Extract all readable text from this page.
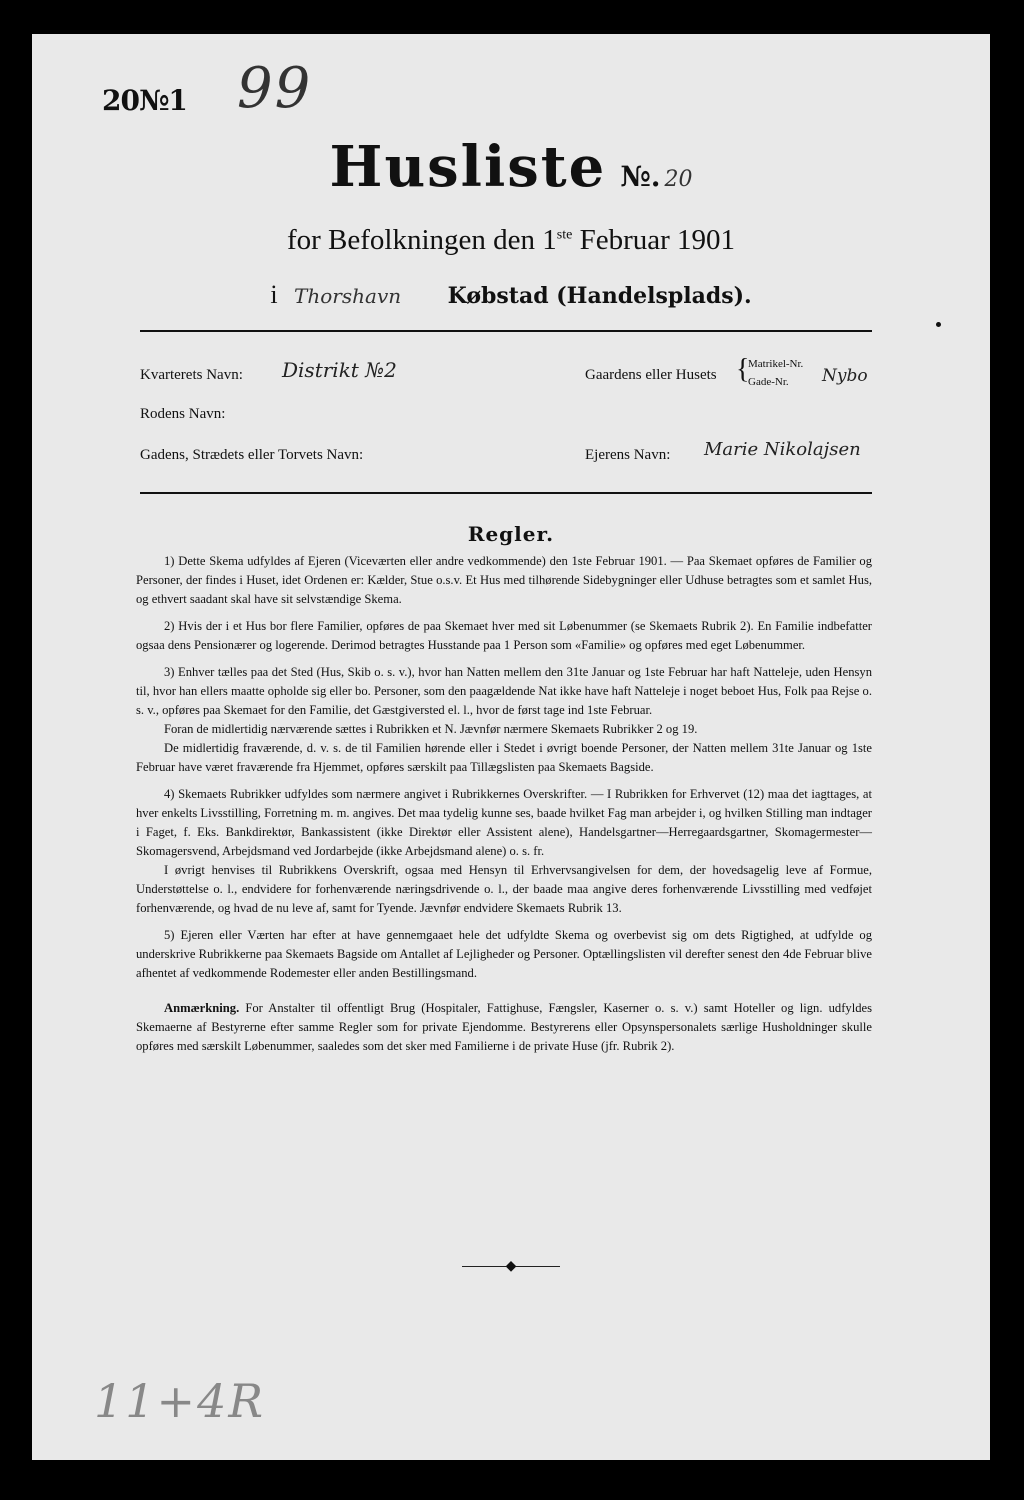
20№1 99
Husliste №. 20
for Befolkningen den 1ste Februar 1901
i Thorshavn Købstad (Handelsplads).
Kvarterets Navn: Distrikt №2	Gaardens eller Husets {
Matrikel-Nr.
Gade-Nr. Nybo
Rodens Navn:
Gadens, Strædets eller Torvets Navn:	Ejerens Navn: Marie Nikolajsen
Regler.

1) Dette Skema udfyldes af Ejeren (Viceværten eller andre vedkommende) den 1ste Februar 1901. — Paa Skemaet opføres de Familier og Personer, der findes i Huset, idet Ordenen er: Kælder, Stue o.s.v. Et Hus med tilhørende Sidebygninger eller Udhuse betragtes som et samlet Hus, og ethvert saadant skal have sit selvstændige Skema.

2) Hvis der i et Hus bor flere Familier, opføres de paa Skemaet hver med sit Løbenummer (se Skemaets Rubrik 2). En Familie indbefatter ogsaa dens Pensionærer og logerende. Derimod betragtes Husstande paa 1 Person som «Familie» og opføres med eget Løbenummer.

3) Enhver tælles paa det Sted (Hus, Skib o. s. v.), hvor han Natten mellem den 31te Januar og 1ste Februar har haft Natteleje, uden Hensyn til, hvor han ellers maatte opholde sig eller bo. Personer, som den paagældende Nat ikke have haft Natteleje i noget beboet Hus, Folk paa Rejse o. s. v., opføres paa Skemaet for den Familie, det Gæstgiversted el. l., hvor de først tage ind 1ste Februar.

Foran de midlertidig nærværende sættes i Rubrikken et N. Jævnfør nærmere Skemaets Rubrikker 2 og 19.

De midlertidig fraværende, d. v. s. de til Familien hørende eller i Stedet i øvrigt boende Personer, der Natten mellem 31te Januar og 1ste Februar have været fraværende fra Hjemmet, opføres særskilt paa Tillægslisten paa Skemaets Bagside.

4) Skemaets Rubrikker udfyldes som nærmere angivet i Rubrikkernes Overskrifter. — I Rubrikken for Erhvervet (12) maa det iagttages, at hver enkelts Livsstilling, Forretning m. m. angives. Det maa tydelig kunne ses, baade hvilket Fag man arbejder i, og hvilken Stilling man indtager i Faget, f. Eks. Bankdirektør, Bankassistent (ikke Direktør eller Assistent alene), Handelsgartner—Herregaardsgartner, Skomagermester—Skomagersvend, Arbejdsmand ved Jordarbejde (ikke Arbejdsmand alene) o. s. fr.

I øvrigt henvises til Rubrikkens Overskrift, ogsaa med Hensyn til Erhvervsangivelsen for dem, der hovedsagelig leve af Formue, Understøttelse o. l., endvidere for forhenværende næringsdrivende o. l., der baade maa angive deres forhenværende Livsstilling med vedføjet forhenværende, og hvad de nu leve af, samt for Tyende. Jævnfør endvidere Skemaets Rubrik 13.

5) Ejeren eller Værten har efter at have gennemgaaet hele det udfyldte Skema og overbevist sig om dets Rigtighed, at udfylde og underskrive Rubrikkerne paa Skemaets Bagside om Antallet af Lejligheder og Personer. Optællingslisten vil derefter senest den 4de Februar blive afhentet af vedkommende Rodemester eller anden Bestillingsmand.

Anmærkning. For Anstalter til offentligt Brug (Hospitaler, Fattighuse, Fængsler, Kaserner o. s. v.) samt Hoteller og lign. udfyldes Skemaerne af Bestyrerne efter samme Regler som for private Ejendomme. Bestyrerens eller Opsynspersonalets særlige Husholdninger skulle opføres med særskilt Løbenummer, saaledes som det sker med Familierne i de private Huse (jfr. Rubrik 2).

◆
11+4R
